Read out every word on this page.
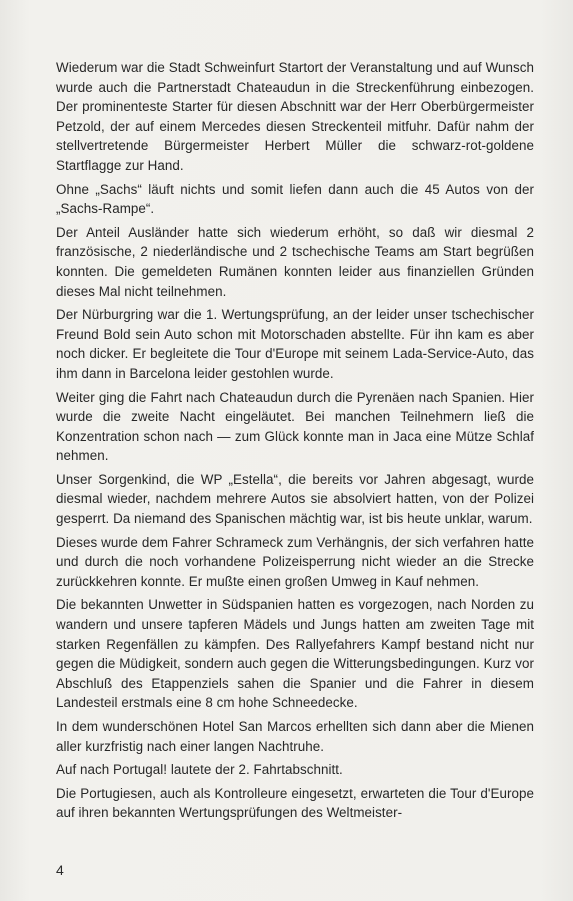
Wiederum war die Stadt Schweinfurt Startort der Veranstaltung und auf Wunsch wurde auch die Partnerstadt Chateaudun in die Streckenführung einbezogen. Der prominenteste Starter für diesen Abschnitt war der Herr Oberbürgermeister Petzold, der auf einem Mercedes diesen Streckenteil mitfuhr. Dafür nahm der stellvertretende Bürgermeister Herbert Müller die schwarz-rot-goldene Startflagge zur Hand.

Ohne „Sachs“ läuft nichts und somit liefen dann auch die 45 Autos von der „Sachs-Rampe“.

Der Anteil Ausländer hatte sich wiederum erhöht, so daß wir diesmal 2 französische, 2 niederländische und 2 tschechische Teams am Start begrüßen konnten. Die gemeldeten Rumänen konnten leider aus finanziellen Gründen dieses Mal nicht teilnehmen.

Der Nürburgring war die 1. Wertungsprüfung, an der leider unser tschechischer Freund Bold sein Auto schon mit Motorschaden abstellte. Für ihn kam es aber noch dicker. Er begleitete die Tour d'Europe mit seinem Lada-Service-Auto, das ihm dann in Barcelona leider gestohlen wurde.

Weiter ging die Fahrt nach Chateaudun durch die Pyrenäen nach Spanien. Hier wurde die zweite Nacht eingeläutet. Bei manchen Teilnehmern ließ die Konzentration schon nach — zum Glück konnte man in Jaca eine Mütze Schlaf nehmen.

Unser Sorgenkind, die WP „Estella“, die bereits vor Jahren abgesagt, wurde diesmal wieder, nachdem mehrere Autos sie absolviert hatten, von der Polizei gesperrt. Da niemand des Spanischen mächtig war, ist bis heute unklar, warum.

Dieses wurde dem Fahrer Schrameck zum Verhängnis, der sich verfahren hatte und durch die noch vorhandene Polizeisperrung nicht wieder an die Strecke zurückkehren konnte. Er mußte einen großen Umweg in Kauf nehmen.

Die bekannten Unwetter in Südspanien hatten es vorgezogen, nach Norden zu wandern und unsere tapferen Mädels und Jungs hatten am zweiten Tage mit starken Regenfällen zu kämpfen. Des Rallyefahrers Kampf bestand nicht nur gegen die Müdigkeit, sondern auch gegen die Witterungsbedingungen. Kurz vor Abschluß des Etappenziels sahen die Spanier und die Fahrer in diesem Landesteil erstmals eine 8 cm hohe Schneedecke.

In dem wunderschönen Hotel San Marcos erhellten sich dann aber die Mienen aller kurzfristig nach einer langen Nachtruhe.

Auf nach Portugal! lautete der 2. Fahrtabschnitt.

Die Portugiesen, auch als Kontrolleure eingesetzt, erwarteten die Tour d'Europe auf ihren bekannten Wertungsprüfungen des Weltmeister-

4
